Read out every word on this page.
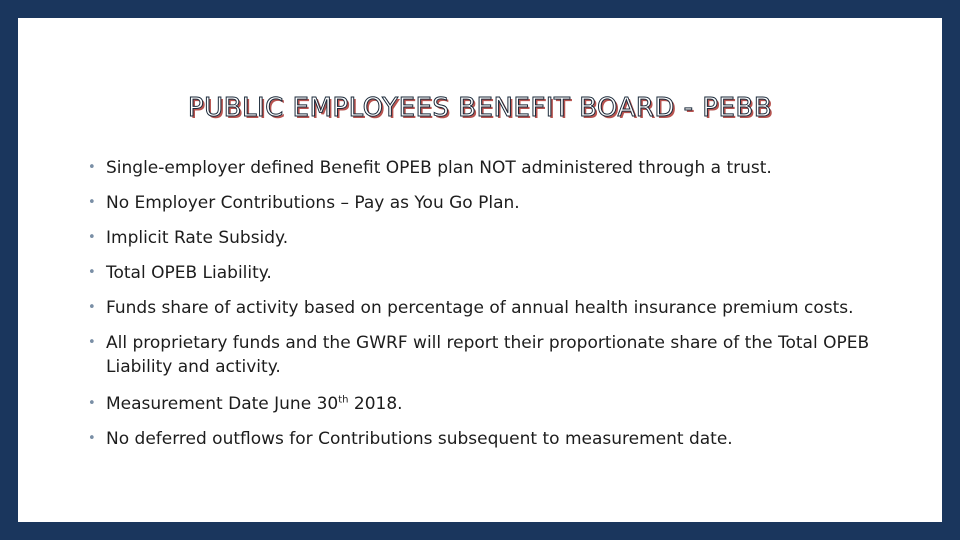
PUBLIC EMPLOYEES BENEFIT BOARD - PEBB
• Single-employer defined Benefit OPEB plan NOT administered through a trust.
• No Employer Contributions – Pay as You Go Plan.
• Implicit Rate Subsidy.
• Total OPEB Liability.
• Funds share of activity based on percentage of annual health insurance premium costs.
• All proprietary funds and the GWRF will report their proportionate share of the Total OPEB Liability and activity.
• Measurement Date June 30th 2018.
• No deferred outflows for Contributions subsequent to measurement date.
